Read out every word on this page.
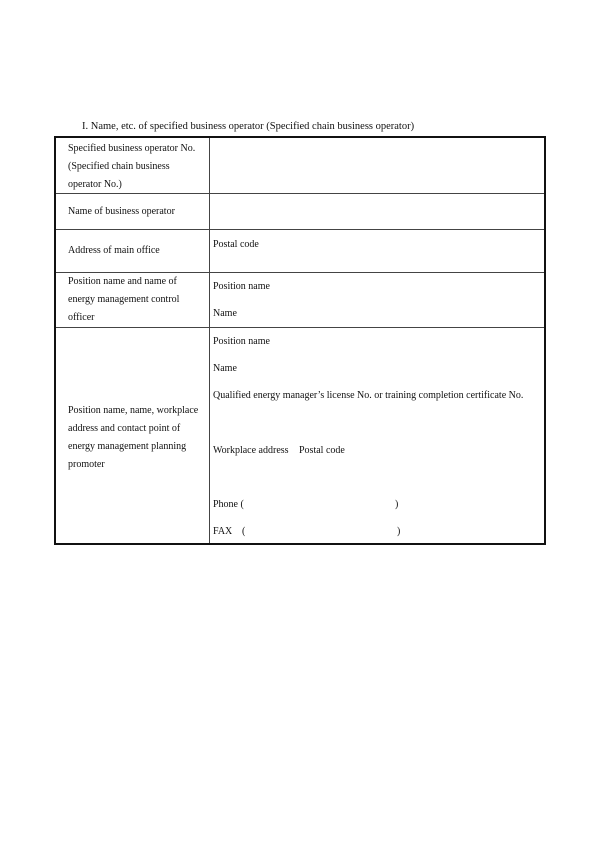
I. Name, etc. of specified business operator (Specified chain business operator)
Specified business operator No.
(Specified chain business
operator No.)
Name of business operator
Address of main office
Postal code
Position name and name of
energy management control
officer
Position name
Name
Position name, name, workplace
address and contact point of
energy management planning
promoter
Position name
Name
Qualified energy manager’s license No. or training completion certificate No.
Workplace address Postal code
Phone (	)
FAX (	)
